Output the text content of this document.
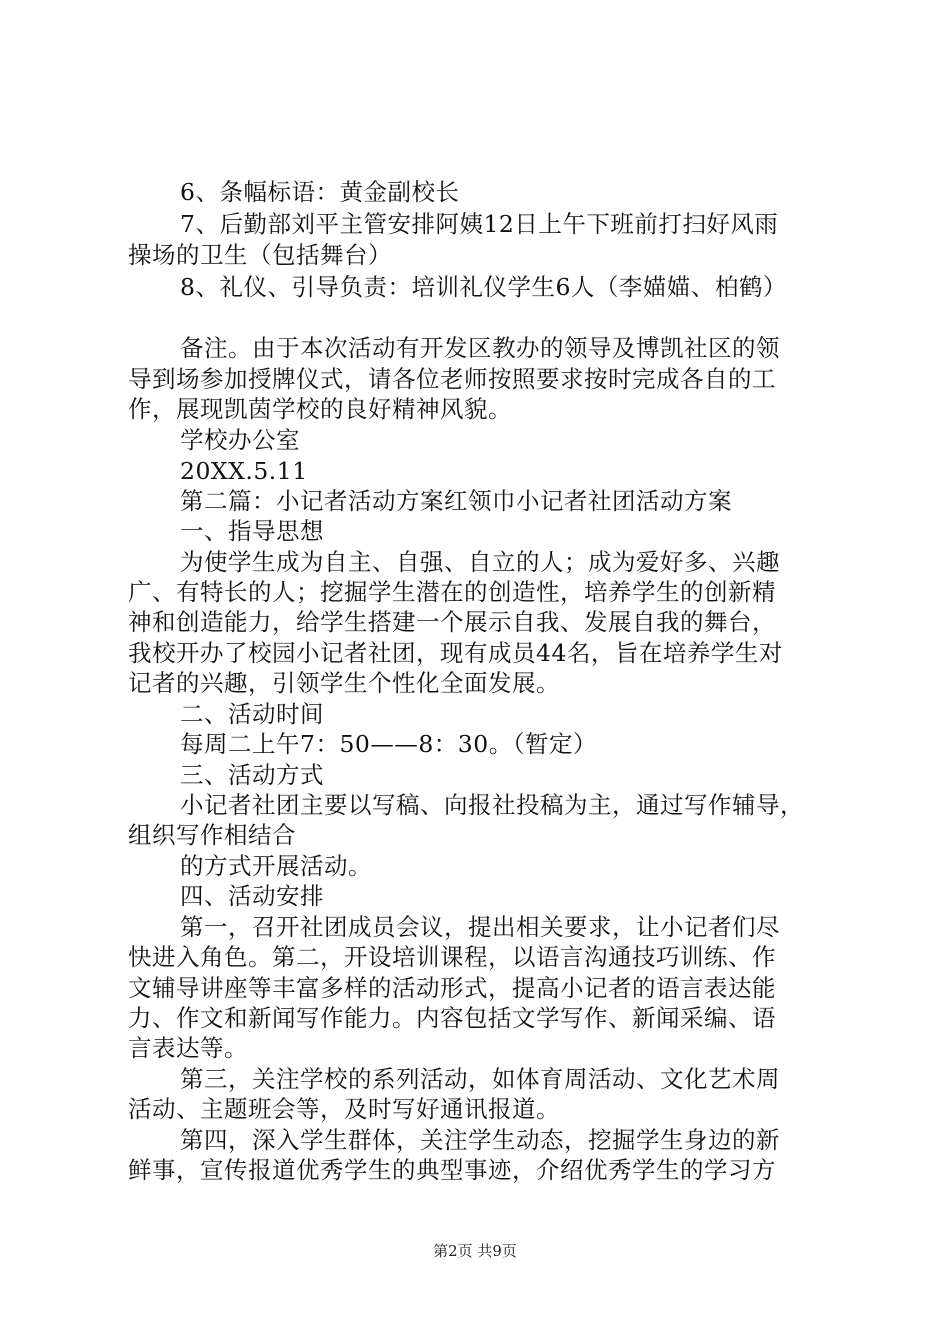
6、条幅标语：黄金副校长
7、后勤部刘平主管安排阿姨12日上午下班前打扫好风雨
操场的卫生（包括舞台）
8、礼仪、引导负责：培训礼仪学生6人（李媌媌、柏鹤）
备注。由于本次活动有开发区教办的领导及博凯社区的领
导到场参加授牌仪式，请各位老师按照要求按时完成各自的工
作，展现凯茵学校的良好精神风貌。
学校办公室
20XX.5.11
第二篇：小记者活动方案红领巾小记者社团活动方案
一、指导思想
为使学生成为自主、自强、自立的人；成为爱好多、兴趣
广、有特长的人；挖掘学生潜在的创造性，培养学生的创新精
神和创造能力，给学生搭建一个展示自我、发展自我的舞台，
我校开办了校园小记者社团，现有成员44名，旨在培养学生对
记者的兴趣，引领学生个性化全面发展。
二、活动时间
每周二上午7：50——8：30。（暂定）
三、活动方式
小记者社团主要以写稿、向报社投稿为主，通过写作辅导，
组织写作相结合
的方式开展活动。
四、活动安排
第一，召开社团成员会议，提出相关要求，让小记者们尽
快进入角色。第二，开设培训课程，以语言沟通技巧训练、作
文辅导讲座等丰富多样的活动形式，提高小记者的语言表达能
力、作文和新闻写作能力。内容包括文学写作、新闻采编、语
言表达等。
第三，关注学校的系列活动，如体育周活动、文化艺术周
活动、主题班会等，及时写好通讯报道。
第四，深入学生群体，关注学生动态，挖掘学生身边的新
鲜事，宣传报道优秀学生的典型事迹，介绍优秀学生的学习方
第2页 共9页
